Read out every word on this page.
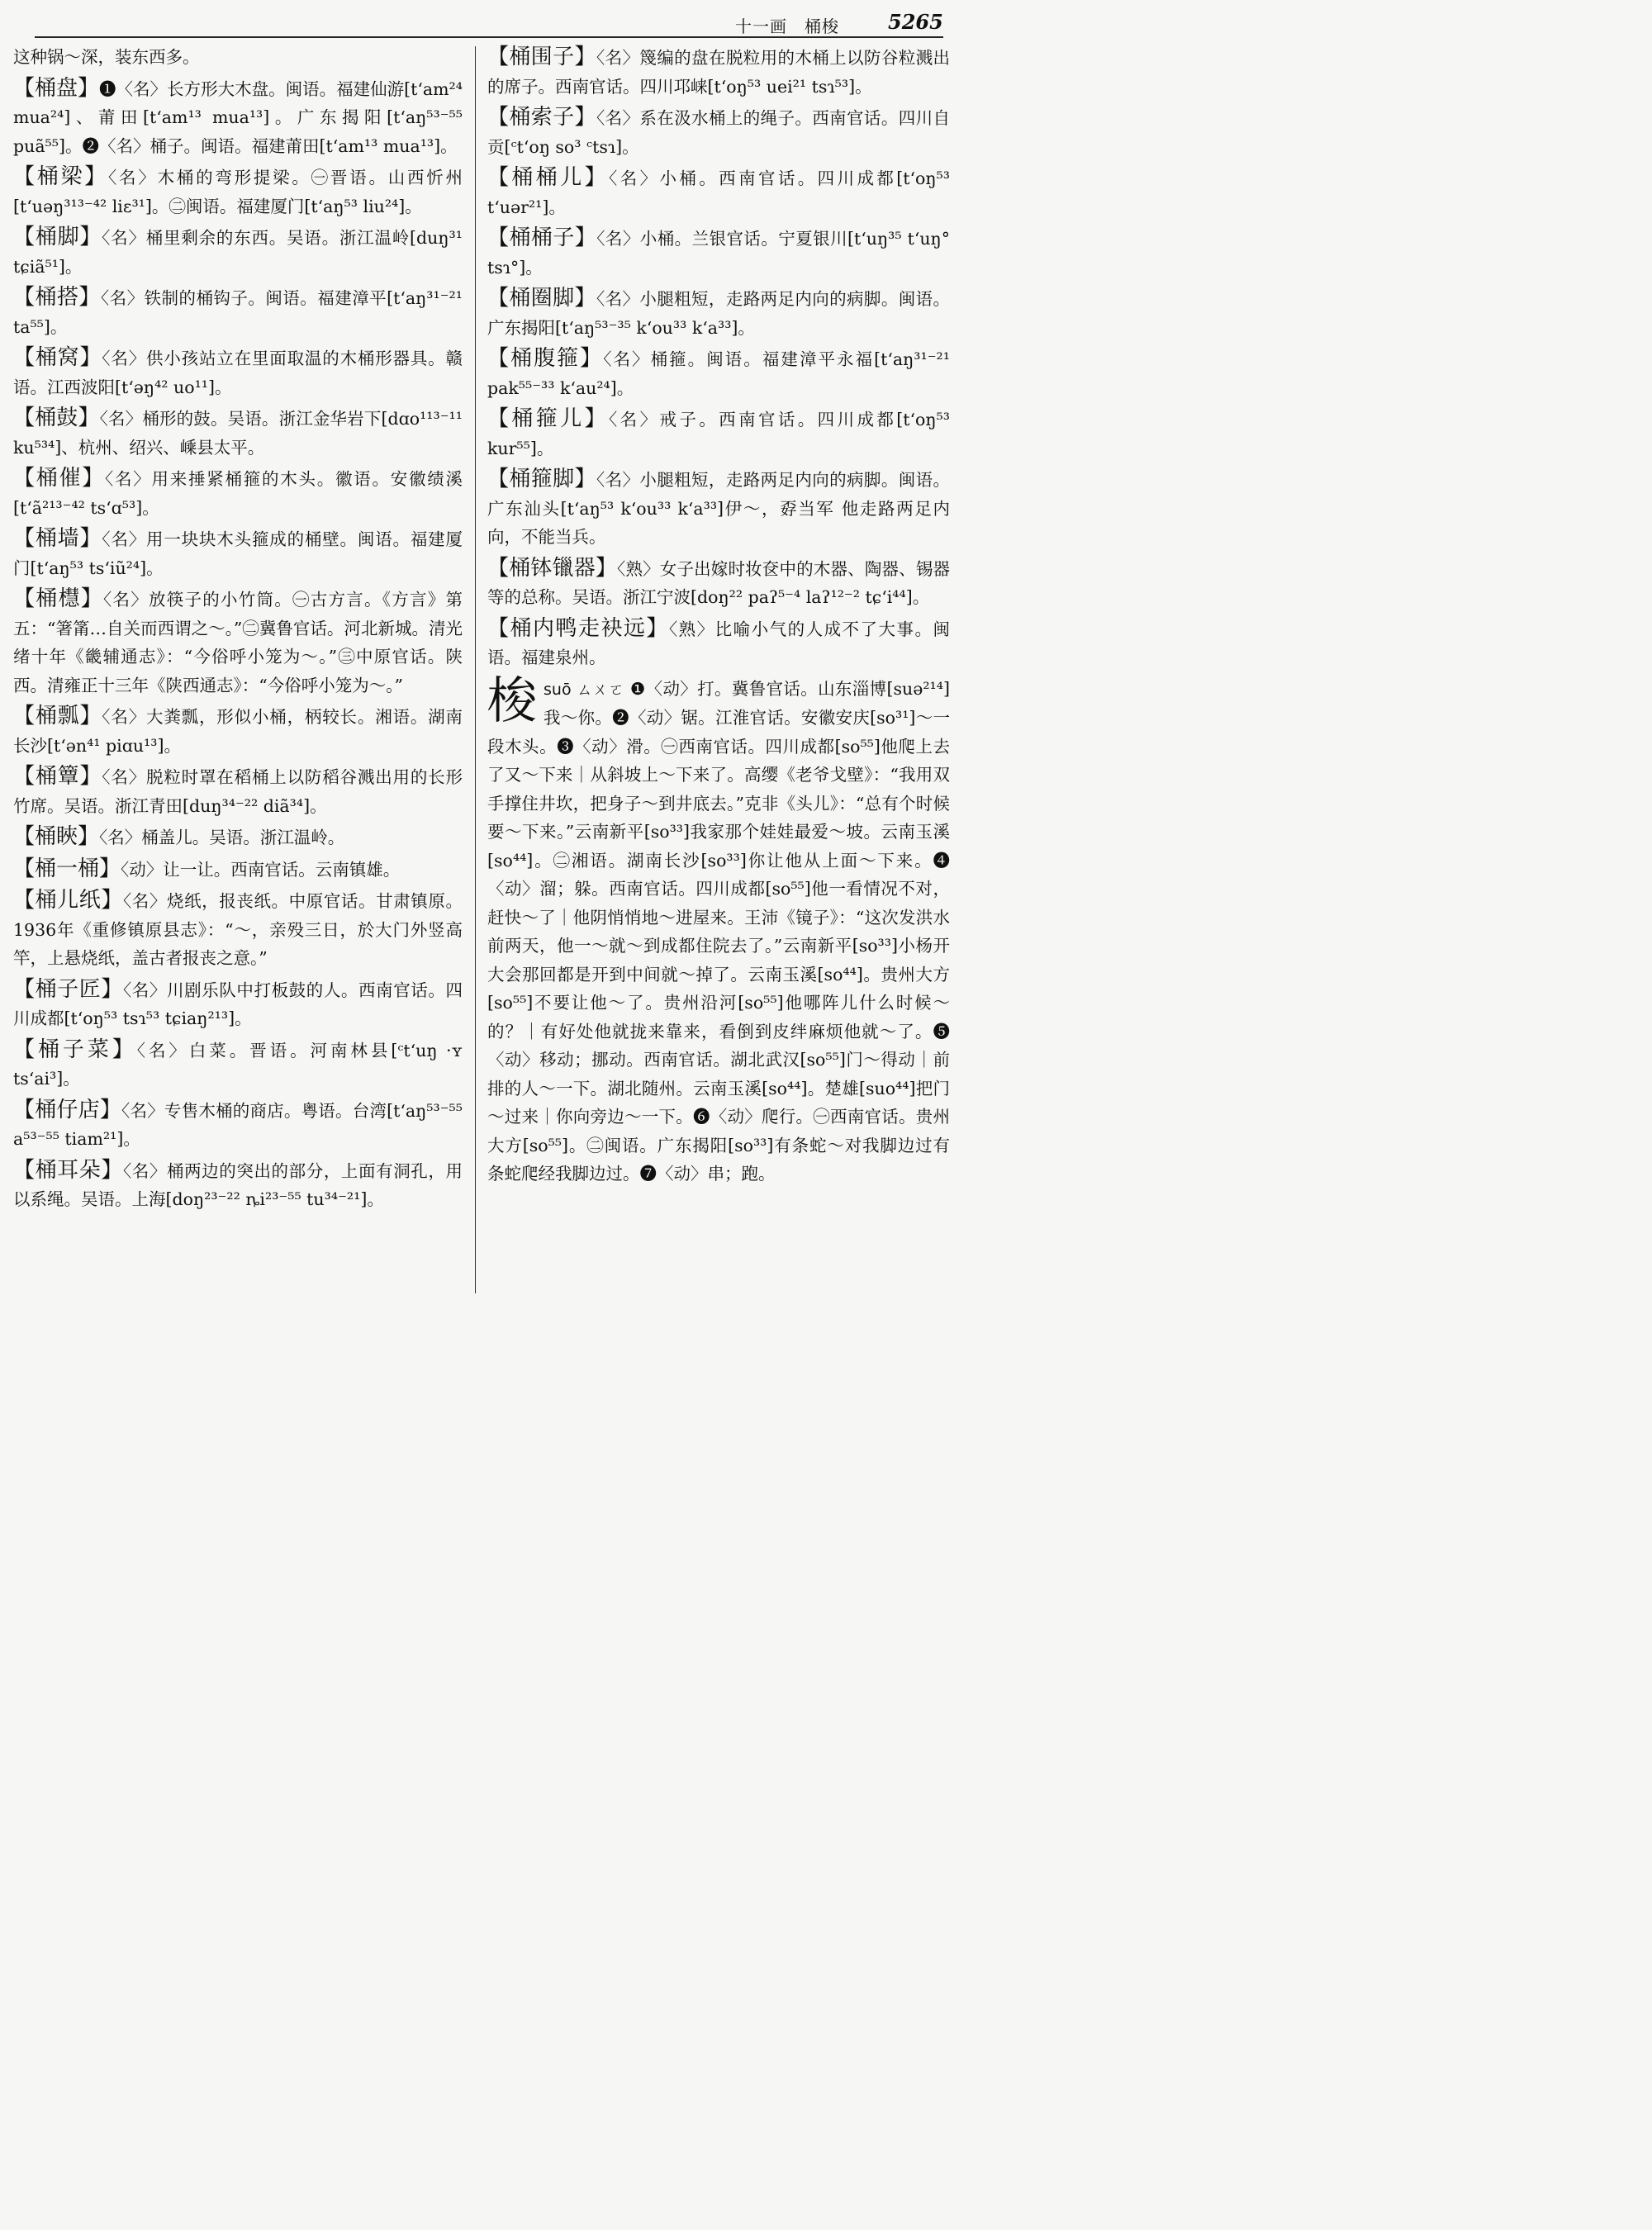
十一画　桶梭 5265

这种锅～深，装东西多。

【桶盘】❶〈名〉长方形大木盘。闽语。福建仙游[t‘am²⁴ mua²⁴]、莆田[t‘am¹³ mua¹³]。广东揭阳[t‘aŋ⁵³⁻⁵⁵ puã⁵⁵]。❷〈名〉桶子。闽语。福建莆田[t‘am¹³ mua¹³]。

【桶梁】〈名〉木桶的弯形提梁。㊀晋语。山西忻州[t‘uəŋ³¹³⁻⁴² liɛ³¹]。㊁闽语。福建厦门[t‘aŋ⁵³ liu²⁴]。

【桶脚】〈名〉桶里剩余的东西。吴语。浙江温岭[duŋ³¹ tɕiã⁵¹]。

【桶搭】〈名〉铁制的桶钩子。闽语。福建漳平[t‘aŋ³¹⁻²¹ ta⁵⁵]。

【桶窝】〈名〉供小孩站立在里面取温的木桶形器具。赣语。江西波阳[t‘əŋ⁴² uo¹¹]。

【桶鼓】〈名〉桶形的鼓。吴语。浙江金华岩下[dɑo¹¹³⁻¹¹ ku⁵³⁴]、杭州、绍兴、嵊县太平。

【桶催】〈名〉用来捶紧桶箍的木头。徽语。安徽绩溪[t‘ã²¹³⁻⁴² ts‘ɑ⁵³]。

【桶墙】〈名〉用一块块木头箍成的桶壁。闽语。福建厦门[t‘aŋ⁵³ ts‘iũ²⁴]。

【桶櫘】〈名〉放筷子的小竹筒。㊀古方言。《方言》第五：“箸筩…自关而西谓之～。”㊁冀鲁官话。河北新城。清光绪十年《畿辅通志》：“今俗呼小笼为～。”㊂中原官话。陕西。清雍正十三年《陕西通志》：“今俗呼小笼为～。”

【桶瓢】〈名〉大粪瓢，形似小桶，柄较长。湘语。湖南长沙[t‘ən⁴¹ piɑu¹³]。

【桶簟】〈名〉脱粒时罩在稻桶上以防稻谷溅出用的长形竹席。吴语。浙江青田[duŋ³⁴⁻²² diã³⁴]。

【桶䀹】〈名〉桶盖儿。吴语。浙江温岭。

【桶一桶】〈动〉让一让。西南官话。云南镇雄。

【桶儿纸】〈名〉烧纸，报丧纸。中原官话。甘肃镇原。1936年《重修镇原县志》：“～，亲殁三日，於大门外竖高竿，上悬烧纸，盖古者报丧之意。”

【桶子匠】〈名〉川剧乐队中打板鼓的人。西南官话。四川成都[t‘oŋ⁵³ tsɿ⁵³ tɕiaŋ²¹³]。

【桶子菜】〈名〉白菜。晋语。河南林县[ᶜt‘uŋ ·ʏ ts‘ai³]。

【桶仔店】〈名〉专售木桶的商店。粤语。台湾[t‘aŋ⁵³⁻⁵⁵ a⁵³⁻⁵⁵ tiam²¹]。

【桶耳朵】〈名〉桶两边的突出的部分，上面有洞孔，用以系绳。吴语。上海[doŋ²³⁻²² ȵi²³⁻⁵⁵ tu³⁴⁻²¹]。

【桶围子】〈名〉篾编的盘在脱粒用的木桶上以防谷粒溅出的席子。西南官话。四川邛崃[t‘oŋ⁵³ uei²¹ tsɿ⁵³]。

【桶索子】〈名〉系在汲水桶上的绳子。西南官话。四川自贡[ᶜt‘oŋ so³ ᶜtsɿ]。

【桶桶儿】〈名〉小桶。西南官话。四川成都[t‘oŋ⁵³ t‘uər²¹]。

【桶桶子】〈名〉小桶。兰银官话。宁夏银川[t‘uŋ³⁵ t‘uŋ° tsɿ°]。

【桶圈脚】〈名〉小腿粗短，走路两足内向的病脚。闽语。广东揭阳[t‘aŋ⁵³⁻³⁵ k‘ou³³ k‘a³³]。

【桶腹箍】〈名〉桶箍。闽语。福建漳平永福[t‘aŋ³¹⁻²¹ pak⁵⁵⁻³³ k‘au²⁴]。

【桶箍儿】〈名〉戒子。西南官话。四川成都[t‘oŋ⁵³ kur⁵⁵]。

【桶箍脚】〈名〉小腿粗短，走路两足内向的病脚。闽语。广东汕头[t‘aŋ⁵³ k‘ou³³ k‘a³³]伊～，孬当军 他走路两足内向，不能当兵。

【桶钵镴器】〈熟〉女子出嫁时妆奁中的木器、陶器、锡器等的总称。吴语。浙江宁波[doŋ²² paʔ⁵⁻⁴ laʔ¹²⁻² tɕ‘i⁴⁴]。

【桶内鸭走袂远】〈熟〉比喻小气的人成不了大事。闽语。福建泉州。

梭suō ㄙㄨㄛ ❶〈动〉打。冀鲁官话。山东淄博[suə²¹⁴]我～你。❷〈动〉锯。江淮官话。安徽安庆[so³¹]～一段木头。❸〈动〉滑。㊀西南官话。四川成都[so⁵⁵]他爬上去了又～下来｜从斜坡上～下来了。高缨《老爷戈壁》：“我用双手撑住井坎，把身子～到井底去。”克非《头儿》：“总有个时候要～下来。”云南新平[so³³]我家那个娃娃最爱～坡。云南玉溪[so⁴⁴]。㊁湘语。湖南长沙[so³³]你让他从上面～下来。❹〈动〉溜；躲。西南官话。四川成都[so⁵⁵]他一看情况不对，赶快～了｜他阴悄悄地～进屋来。王沛《镜子》：“这次发洪水前两天，他一～就～到成都住院去了。”云南新平[so³³]小杨开大会那回都是开到中间就～掉了。云南玉溪[so⁴⁴]。贵州大方[so⁵⁵]不要让他～了。贵州沿河[so⁵⁵]他哪阵儿什么时候～的？｜有好处他就拢来靠来，看倒到皮绊麻烦他就～了。❺〈动〉移动；挪动。西南官话。湖北武汉[so⁵⁵]门～得动｜前排的人～一下。湖北随州。云南玉溪[so⁴⁴]。楚雄[suo⁴⁴]把门～过来｜你向旁边～一下。❻〈动〉爬行。㊀西南官话。贵州大方[so⁵⁵]。㊁闽语。广东揭阳[so³³]有条蛇～对我脚边过有条蛇爬经我脚边过。❼〈动〉串；跑。
